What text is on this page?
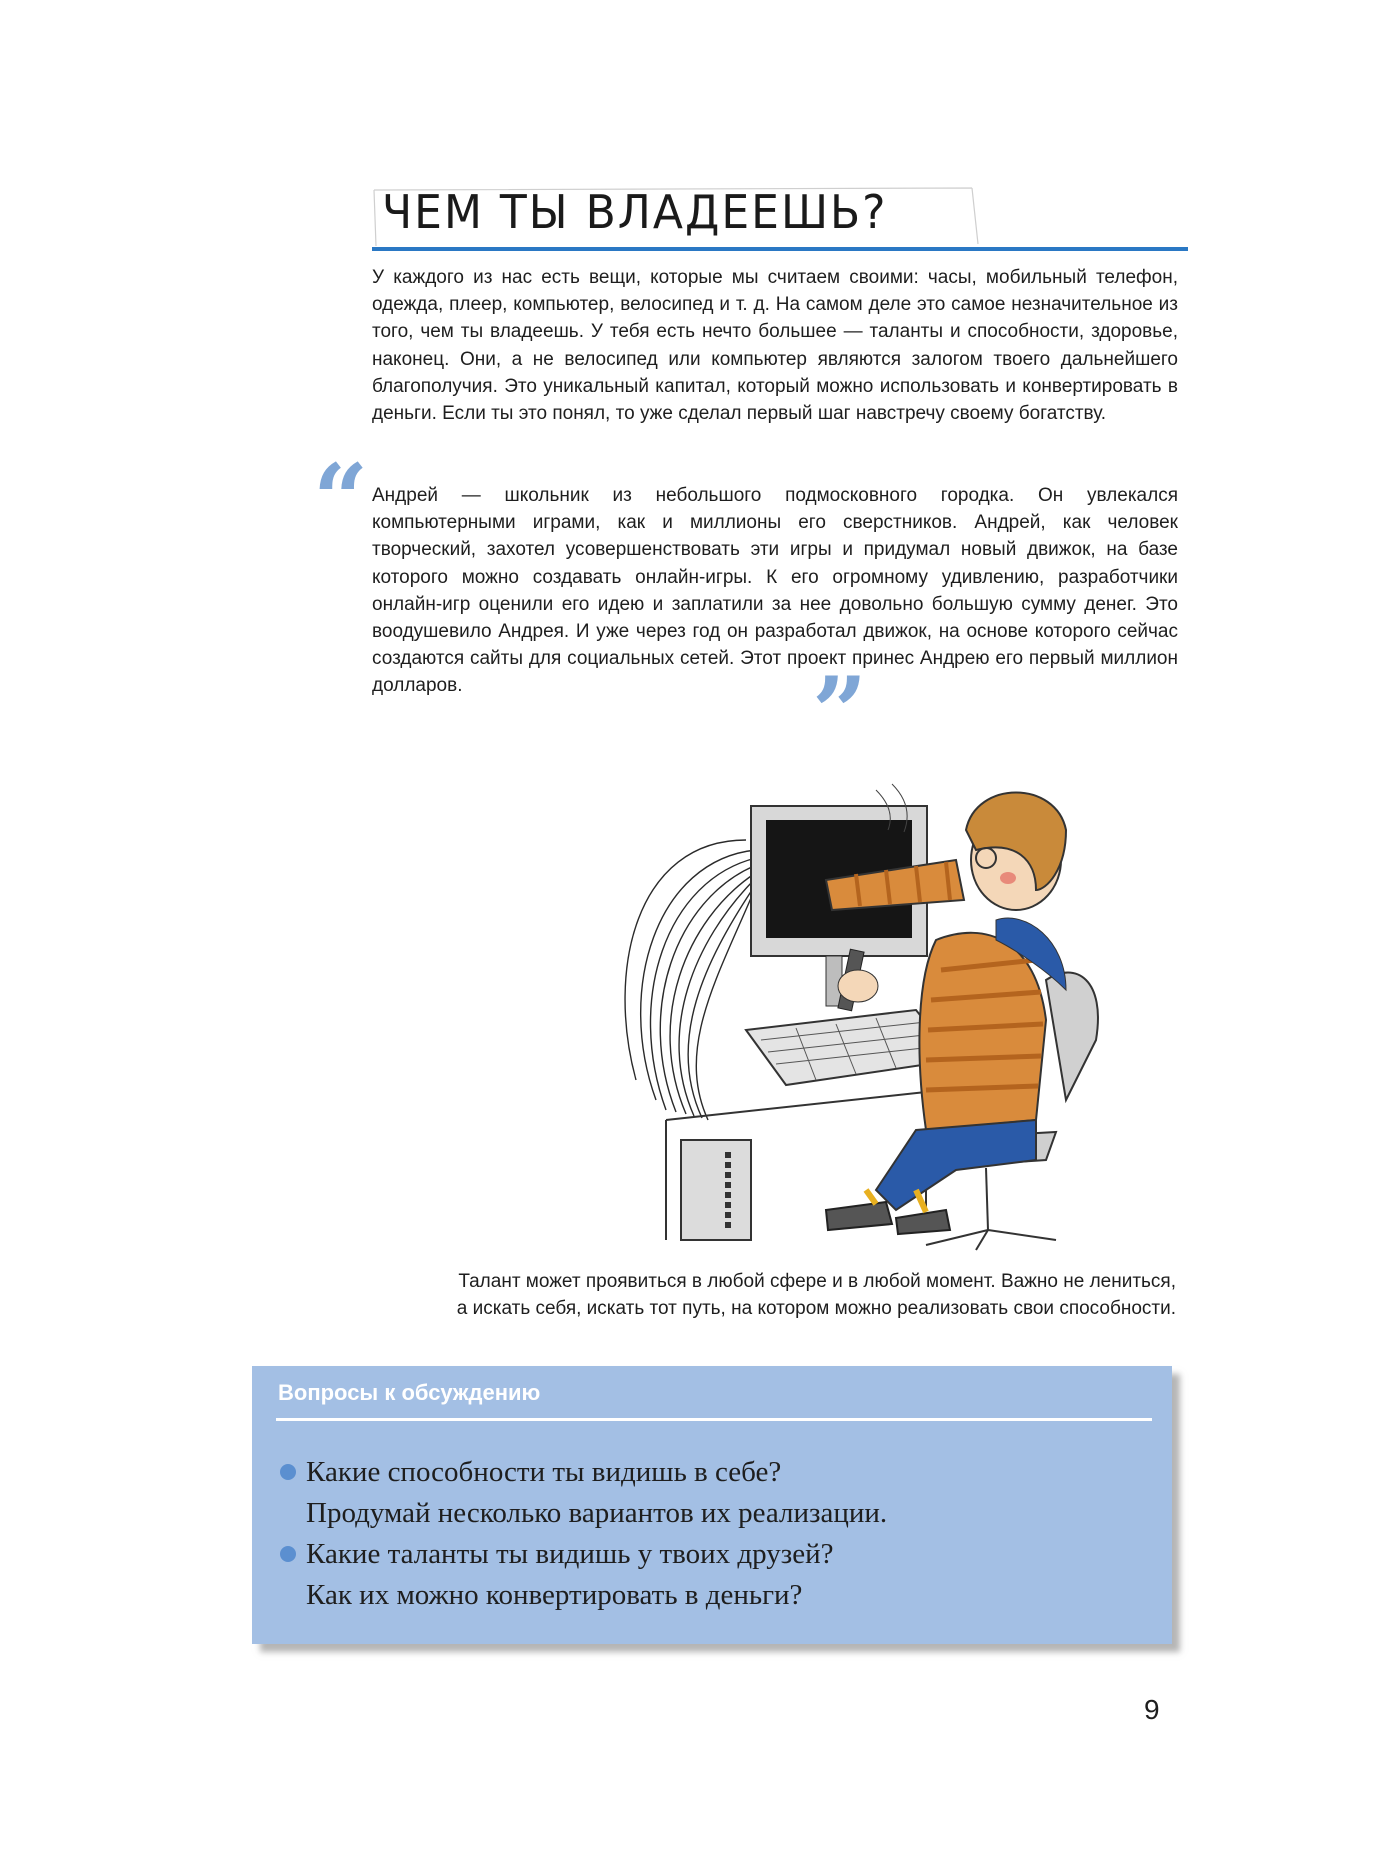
ЧЕМ ТЫ ВЛАДЕЕШЬ?
У каждого из нас есть вещи, которые мы считаем своими: часы, мобильный телефон, одежда, плеер, компьютер, велосипед и т. д. На самом деле это самое незначительное из того, чем ты владеешь. У тебя есть нечто большее — таланты и способности, здоровье, наконец. Они, а не велосипед или компьютер являются залогом твоего дальнейшего благополучия. Это уникальный капитал, который можно использовать и конвертировать в деньги. Если ты это понял, то уже сделал первый шаг навстречу своему богатству.
“ Андрей — школьник из небольшого подмосковного городка. Он увлекался компьютерными играми, как и миллионы его сверстников. Андрей, как человек творческий, захотел усовершенствовать эти игры и придумал новый движок, на базе которого можно создавать онлайн-игры. К его огромному удивлению, разработчики онлайн-игр оценили его идею и заплатили за нее довольно большую сумму денег. Это воодушевило Андрея. И уже через год он разработал движок, на основе которого сейчас создаются сайты для социальных сетей. Этот проект принес Андрею его первый миллион долларов.	”
Талант может проявиться в любой сфере и в любой момент. Важно не лениться,
а искать себя, искать тот путь, на котором можно реализовать свои способности.
Вопросы к обсуждению
Какие способности ты видишь в себе?
Продумай несколько вариантов их реализации.
Какие таланты ты видишь у твоих друзей?
Как их можно конвертировать в деньги?
9
